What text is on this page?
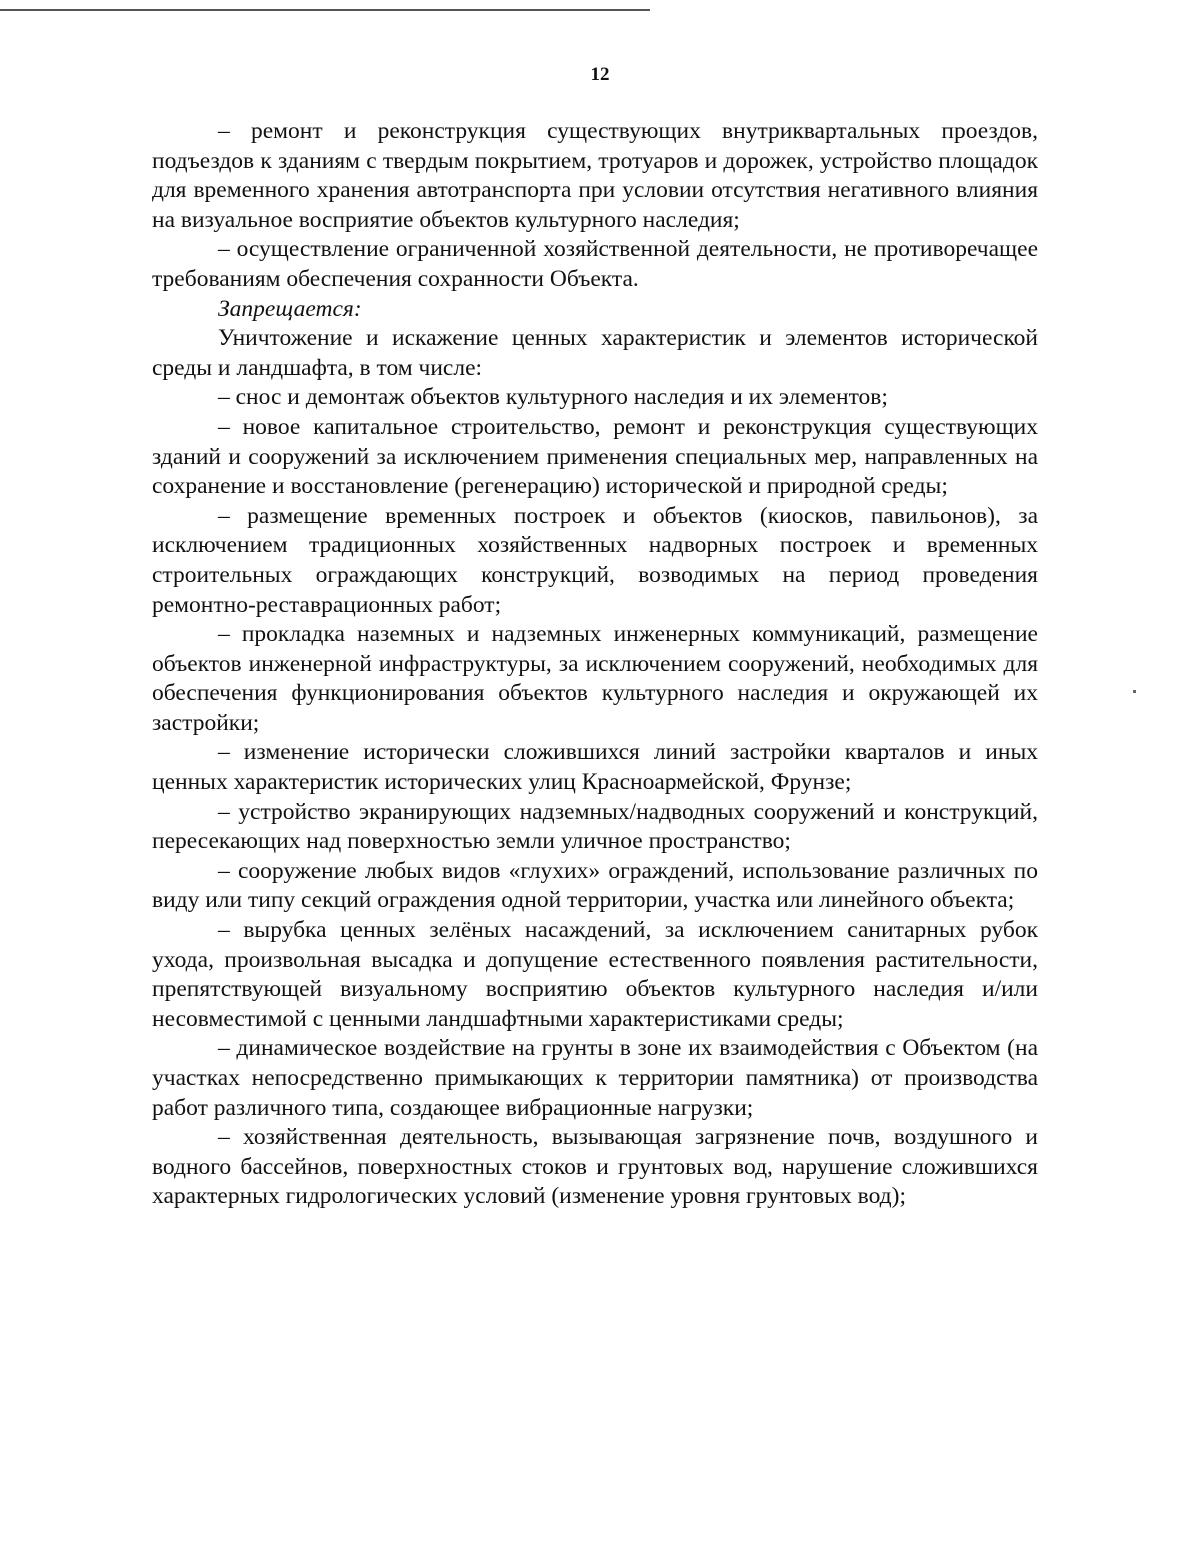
12

– ремонт и реконструкция существующих внутриквартальных проездов, подъездов к зданиям с твердым покрытием, тротуаров и дорожек, устройство площадок для временного хранения автотранспорта при условии отсутствия негативного влияния на визуальное восприятие объектов культурного наследия;

– осуществление ограниченной хозяйственной деятельности, не противоречащее требованиям обеспечения сохранности Объекта.

Запрещается:

Уничтожение и искажение ценных характеристик и элементов исторической среды и ландшафта, в том числе:

– снос и демонтаж объектов культурного наследия и их элементов;

– новое капитальное строительство, ремонт и реконструкция существующих зданий и сооружений за исключением применения специальных мер, направленных на сохранение и восстановление (регенерацию) исторической и природной среды;

– размещение временных построек и объектов (киосков, павильонов), за исключением традиционных хозяйственных надворных построек и временных строительных ограждающих конструкций, возводимых на период проведения ремонтно-реставрационных работ;

– прокладка наземных и надземных инженерных коммуникаций, размещение объектов инженерной инфраструктуры, за исключением сооружений, необходимых для обеспечения функционирования объектов культурного наследия и окружающей их застройки;

– изменение исторически сложившихся линий застройки кварталов и иных ценных характеристик исторических улиц Красноармейской, Фрунзе;

– устройство экранирующих надземных/надводных сооружений и конструкций, пересекающих над поверхностью земли уличное пространство;

– сооружение любых видов «глухих» ограждений, использование различных по виду или типу секций ограждения одной территории, участка или линейного объекта;

– вырубка ценных зелёных насаждений, за исключением санитарных рубок ухода, произвольная высадка и допущение естественного появления растительности, препятствующей визуальному восприятию объектов культурного наследия и/или несовместимой с ценными ландшафтными характеристиками среды;

– динамическое воздействие на грунты в зоне их взаимодействия с Объектом (на участках непосредственно примыкающих к территории памятника) от производства работ различного типа, создающее вибрационные нагрузки;

– хозяйственная деятельность, вызывающая загрязнение почв, воздушного и водного бассейнов, поверхностных стоков и грунтовых вод, нарушение сложившихся характерных гидрологических условий (изменение уровня грунтовых вод);
